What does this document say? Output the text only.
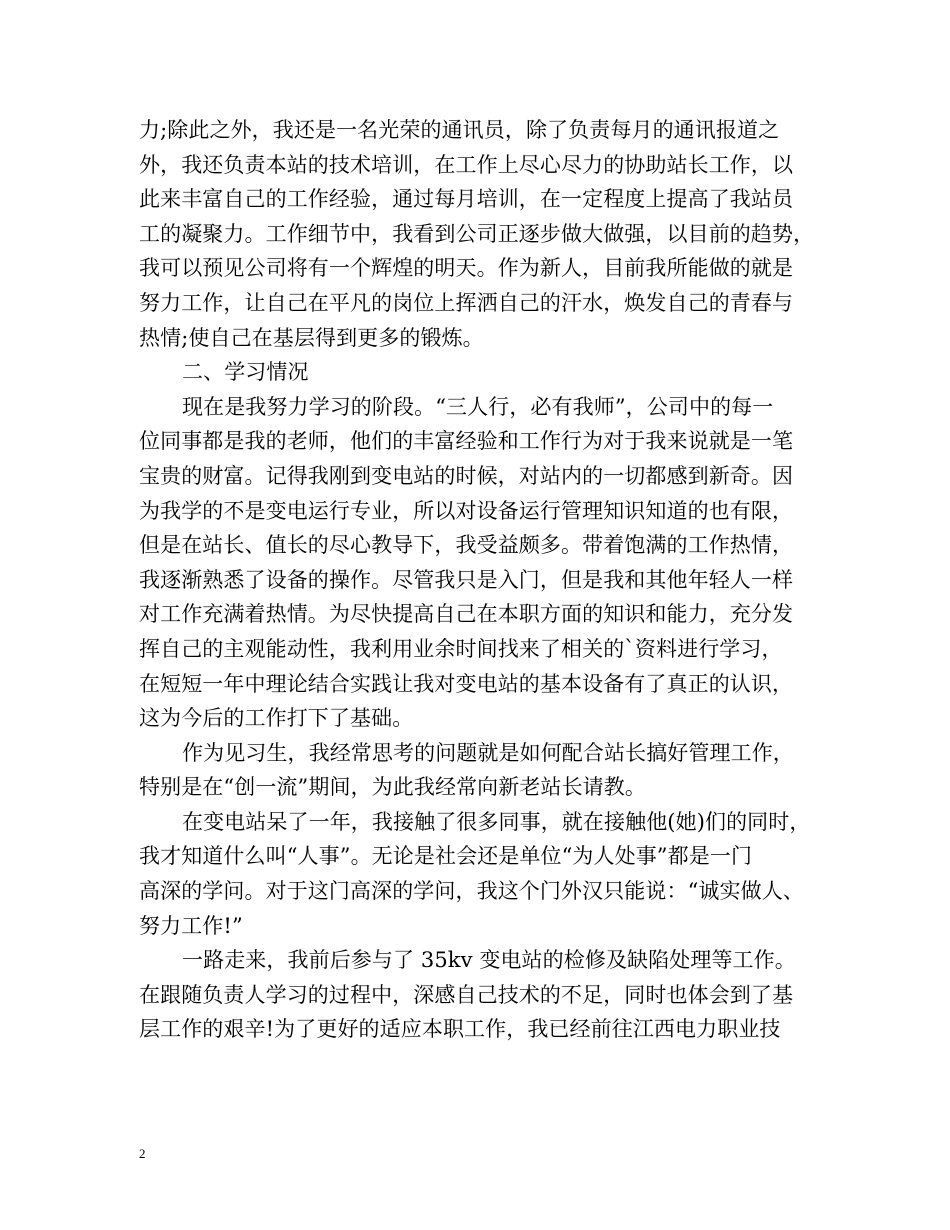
力;除此之外，我还是一名光荣的通讯员，除了负责每月的通讯报道之
外，我还负责本站的技术培训，在工作上尽心尽力的协助站长工作，以
此来丰富自己的工作经验，通过每月培训，在一定程度上提高了我站员
工的凝聚力。工作细节中，我看到公司正逐步做大做强，以目前的趋势，
我可以预见公司将有一个辉煌的明天。作为新人，目前我所能做的就是
努力工作，让自己在平凡的岗位上挥洒自己的汗水，焕发自己的青春与
热情;使自己在基层得到更多的锻炼。
二、学习情况
现在是我努力学习的阶段。“三人行，必有我师”，公司中的每一
位同事都是我的老师，他们的丰富经验和工作行为对于我来说就是一笔
宝贵的财富。记得我刚到变电站的时候，对站内的一切都感到新奇。因
为我学的不是变电运行专业，所以对设备运行管理知识知道的也有限，
但是在站长、值长的尽心教导下，我受益颇多。带着饱满的工作热情，
我逐渐熟悉了设备的操作。尽管我只是入门，但是我和其他年轻人一样
对工作充满着热情。为尽快提高自己在本职方面的知识和能力，充分发
挥自己的主观能动性，我利用业余时间找来了相关的`资料进行学习，
在短短一年中理论结合实践让我对变电站的基本设备有了真正的认识，
这为今后的工作打下了基础。
作为见习生，我经常思考的问题就是如何配合站长搞好管理工作，
特别是在“创一流”期间，为此我经常向新老站长请教。
在变电站呆了一年，我接触了很多同事，就在接触他(她)们的同时，
我才知道什么叫“人事”。无论是社会还是单位“为人处事”都是一门
高深的学问。对于这门高深的学问，我这个门外汉只能说：“诚实做人、
努力工作!”
一路走来，我前后参与了 35kv 变电站的检修及缺陷处理等工作。
在跟随负责人学习的过程中，深感自己技术的不足，同时也体会到了基
层工作的艰辛!为了更好的适应本职工作，我已经前往江西电力职业技
2
